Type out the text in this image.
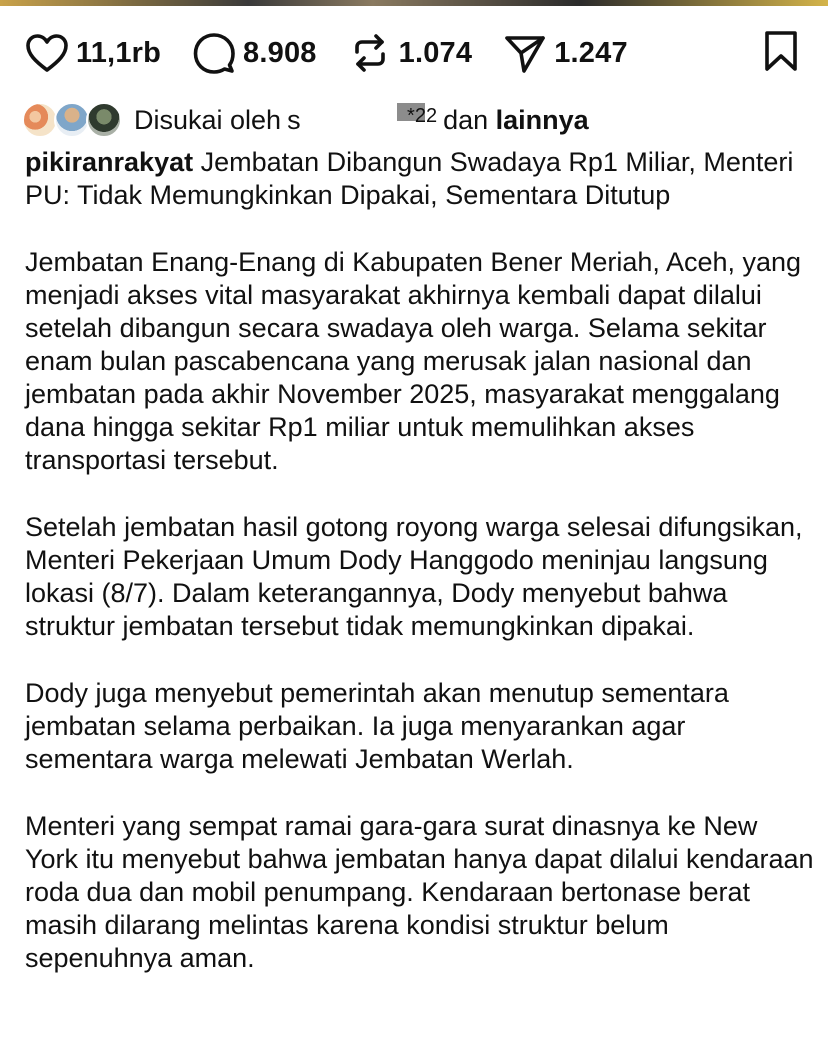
11,1rb	8.908	1.074	1.247
Disukai oleh s	*22 dan
lainnya

pikiranrakyat Jembatan Dibangun Swadaya Rp1 Miliar, Menteri PU: Tidak Memungkinkan Dipakai, Sementara Ditutup

Jembatan Enang-Enang di Kabupaten Bener Meriah, Aceh, yang menjadi akses vital masyarakat akhirnya kembali dapat dilalui setelah dibangun secara swadaya oleh warga. Selama sekitar enam bulan pascabencana yang merusak jalan nasional dan jembatan pada akhir November 2025, masyarakat menggalang dana hingga sekitar Rp1 miliar untuk memulihkan akses transportasi tersebut.

Setelah jembatan hasil gotong royong warga selesai difungsikan, Menteri Pekerjaan Umum Dody Hanggodo meninjau langsung lokasi (8/7). Dalam keterangannya, Dody menyebut bahwa struktur jembatan tersebut tidak memungkinkan dipakai.

Dody juga menyebut pemerintah akan menutup sementara jembatan selama perbaikan. Ia juga menyarankan agar sementara warga melewati Jembatan Werlah.

Menteri yang sempat ramai gara-gara surat dinasnya ke New York itu menyebut bahwa jembatan hanya dapat dilalui kendaraan roda dua dan mobil penumpang. Kendaraan bertonase berat masih dilarang melintas karena kondisi struktur belum sepenuhnya aman.
